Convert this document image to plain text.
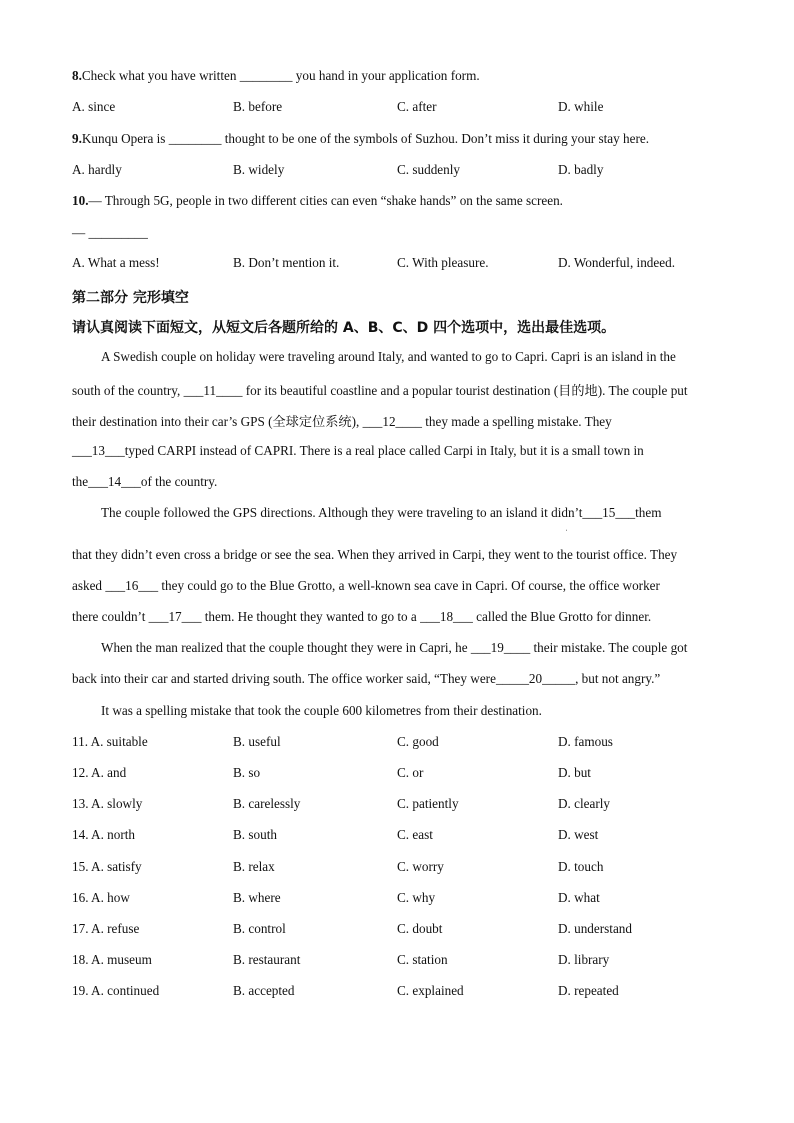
8.Check what you have written ________ you hand in your application form.
A. since	B. before	C. after	D. while
9.Kunqu Opera is ________ thought to be one of the symbols of Suzhou. Don’t miss it during your stay here.
A. hardly	B. widely	C. suddenly	D. badly
10.— Through 5G, people in two different cities can even “shake hands” on the same screen.
— _________
A. What a mess!	B. Don’t mention it.	C. With pleasure.	D. Wonderful, indeed.
第二部分 完形填空
请认真阅读下面短文，从短文后各题所给的 A、B、C、D 四个选项中，选出最佳选项。
A Swedish couple on holiday were traveling around Italy, and wanted to go to Capri. Capri is an island in the
south of the country, ___11____ for its beautiful coastline and a popular tourist destination (目的地). The couple put
their destination into their car’s GPS (全球定位系统), ___12____ they made a spelling mistake. They
___13___typed CARPI instead of CAPRI. There is a real place called Carpi in Italy, but it is a small town in
the___14___of the country.
The couple followed the GPS directions. Although they were traveling to an island it didn’t___15___them
ˌ
that they didn’t even cross a bridge or see the sea. When they arrived in Carpi, they went to the tourist office. They
asked ___16___ they could go to the Blue Grotto, a well-known sea cave in Capri. Of course, the office worker
there couldn’t ___17___ them. He thought they wanted to go to a ___18___ called the Blue Grotto for dinner.
When the man realized that the couple thought they were in Capri, he ___19____ their mistake. The couple got
back into their car and started driving south. The office worker said, “They were_____20_____, but not angry.”
It was a spelling mistake that took the couple 600 kilometres from their destination.
11. A. suitable	B. useful	C. good	D. famous
12. A. and	B. so	C. or	D. but
13. A. slowly	B. carelessly	C. patiently	D. clearly
14. A. north	B. south	C. east	D. west
15. A. satisfy	B. relax	C. worry	D. touch
16. A. how	B. where	C. why	D. what
17. A. refuse	B. control	C. doubt	D. understand
18. A. museum	B. restaurant	C. station	D. library
19. A. continued	B. accepted	C. explained	D. repeated
